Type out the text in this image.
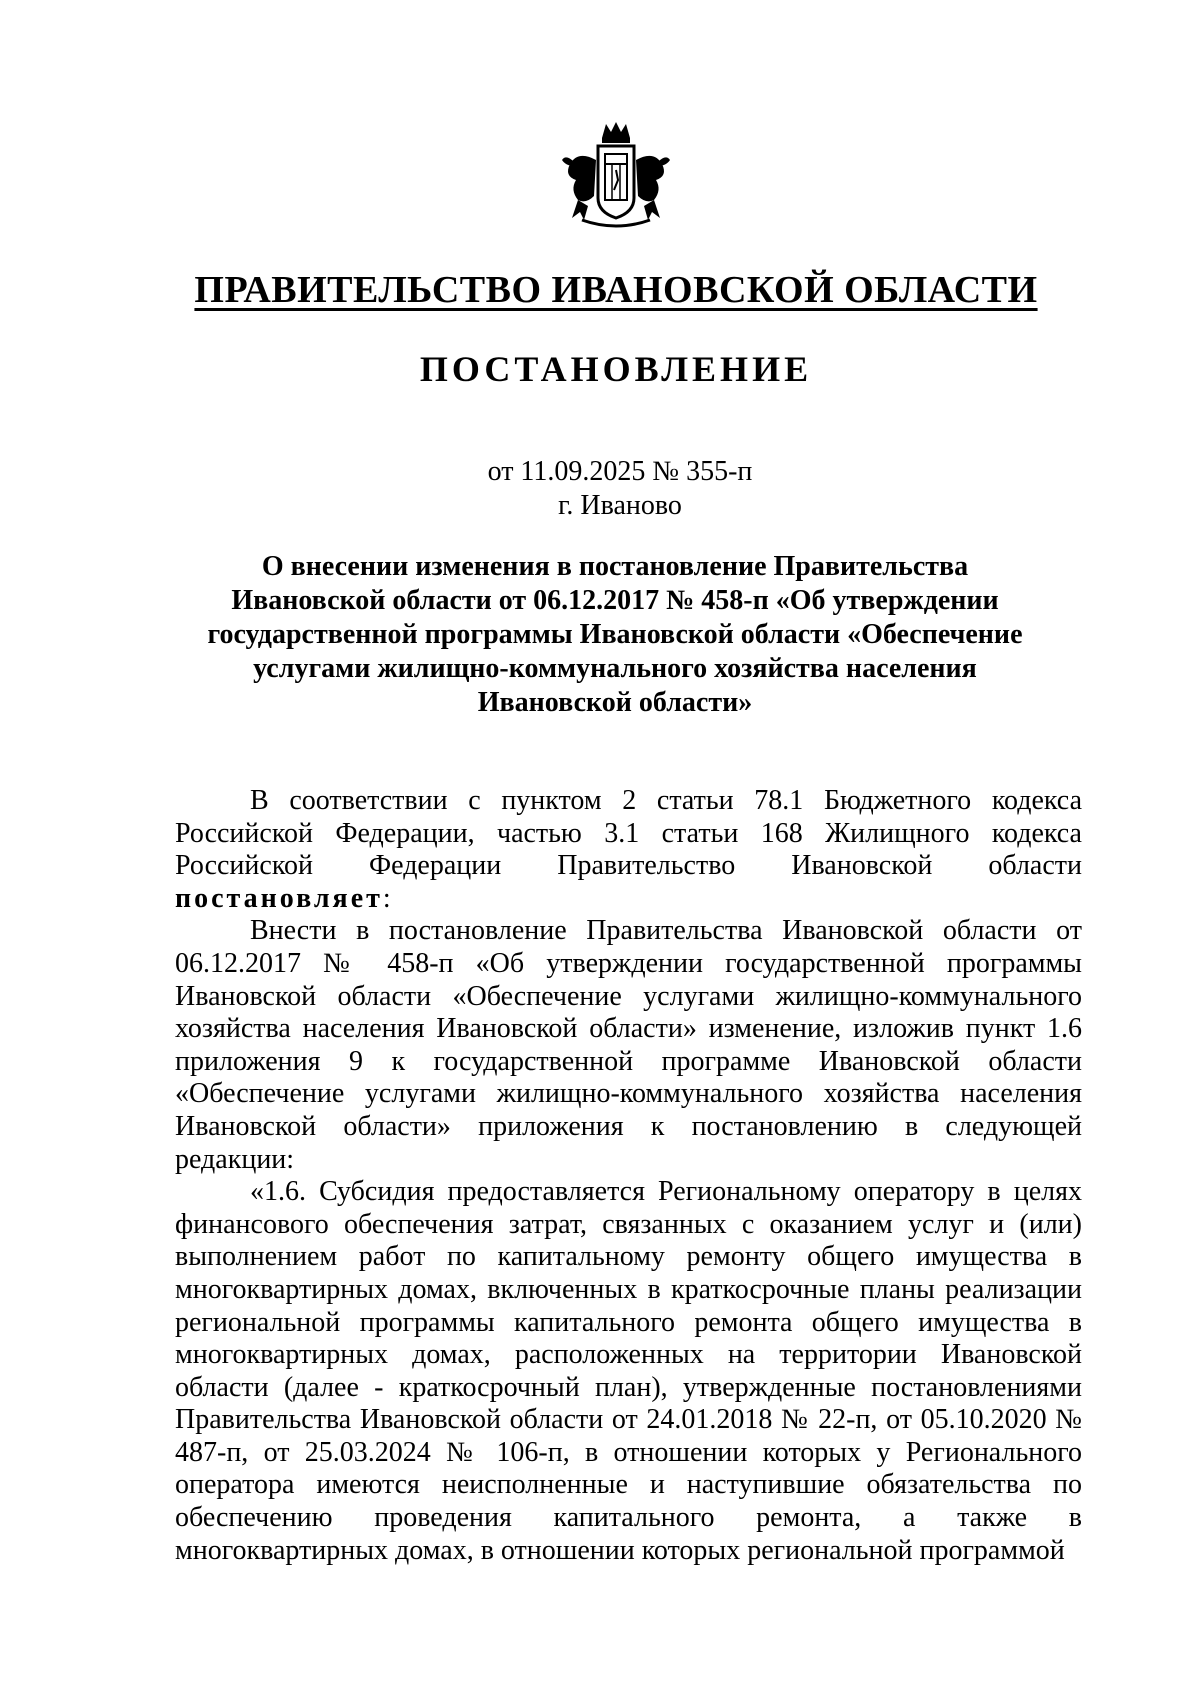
ПРАВИТЕЛЬСТВО ИВАНОВСКОЙ ОБЛАСТИ
ПОСТАНОВЛЕНИЕ
от 11.09.2025 № 355-п
г. Иваново
О внесении изменения в постановление Правительства
Ивановской области от 06.12.2017 № 458-п «Об утверждении
государственной программы Ивановской области «Обеспечение
услугами жилищно-коммунального хозяйства населения
Ивановской области»

В соответствии с пунктом 2 статьи 78.1 Бюджетного кодекса Российской Федерации, частью 3.1 статьи 168 Жилищного кодекса Российской Федерации Правительство Ивановской области постановляет:

Внести в постановление Правительства Ивановской области от 06.12.2017 № 458-п «Об утверждении государственной программы Ивановской области «Обеспечение услугами жилищно-коммунального хозяйства населения Ивановской области» изменение, изложив пункт 1.6 приложения 9 к государственной программе Ивановской области «Обеспечение услугами жилищно-коммунального хозяйства населения Ивановской области» приложения к постановлению в следующей редакции:

«1.6. Субсидия предоставляется Региональному оператору в целях финансового обеспечения затрат, связанных с оказанием услуг и (или) выполнением работ по капитальному ремонту общего имущества в многоквартирных домах, включенных в краткосрочные планы реализации региональной программы капитального ремонта общего имущества в многоквартирных домах, расположенных на территории Ивановской области (далее - краткосрочный план), утвержденные постановлениями Правительства Ивановской области от 24.01.2018 № 22-п, от 05.10.2020 № 487-п, от 25.03.2024 № 106-п, в отношении которых у Регионального оператора имеются неисполненные и наступившие обязательства по обеспечению проведения капитального ремонта, а также в многоквартирных домах, в отношении которых региональной программой
